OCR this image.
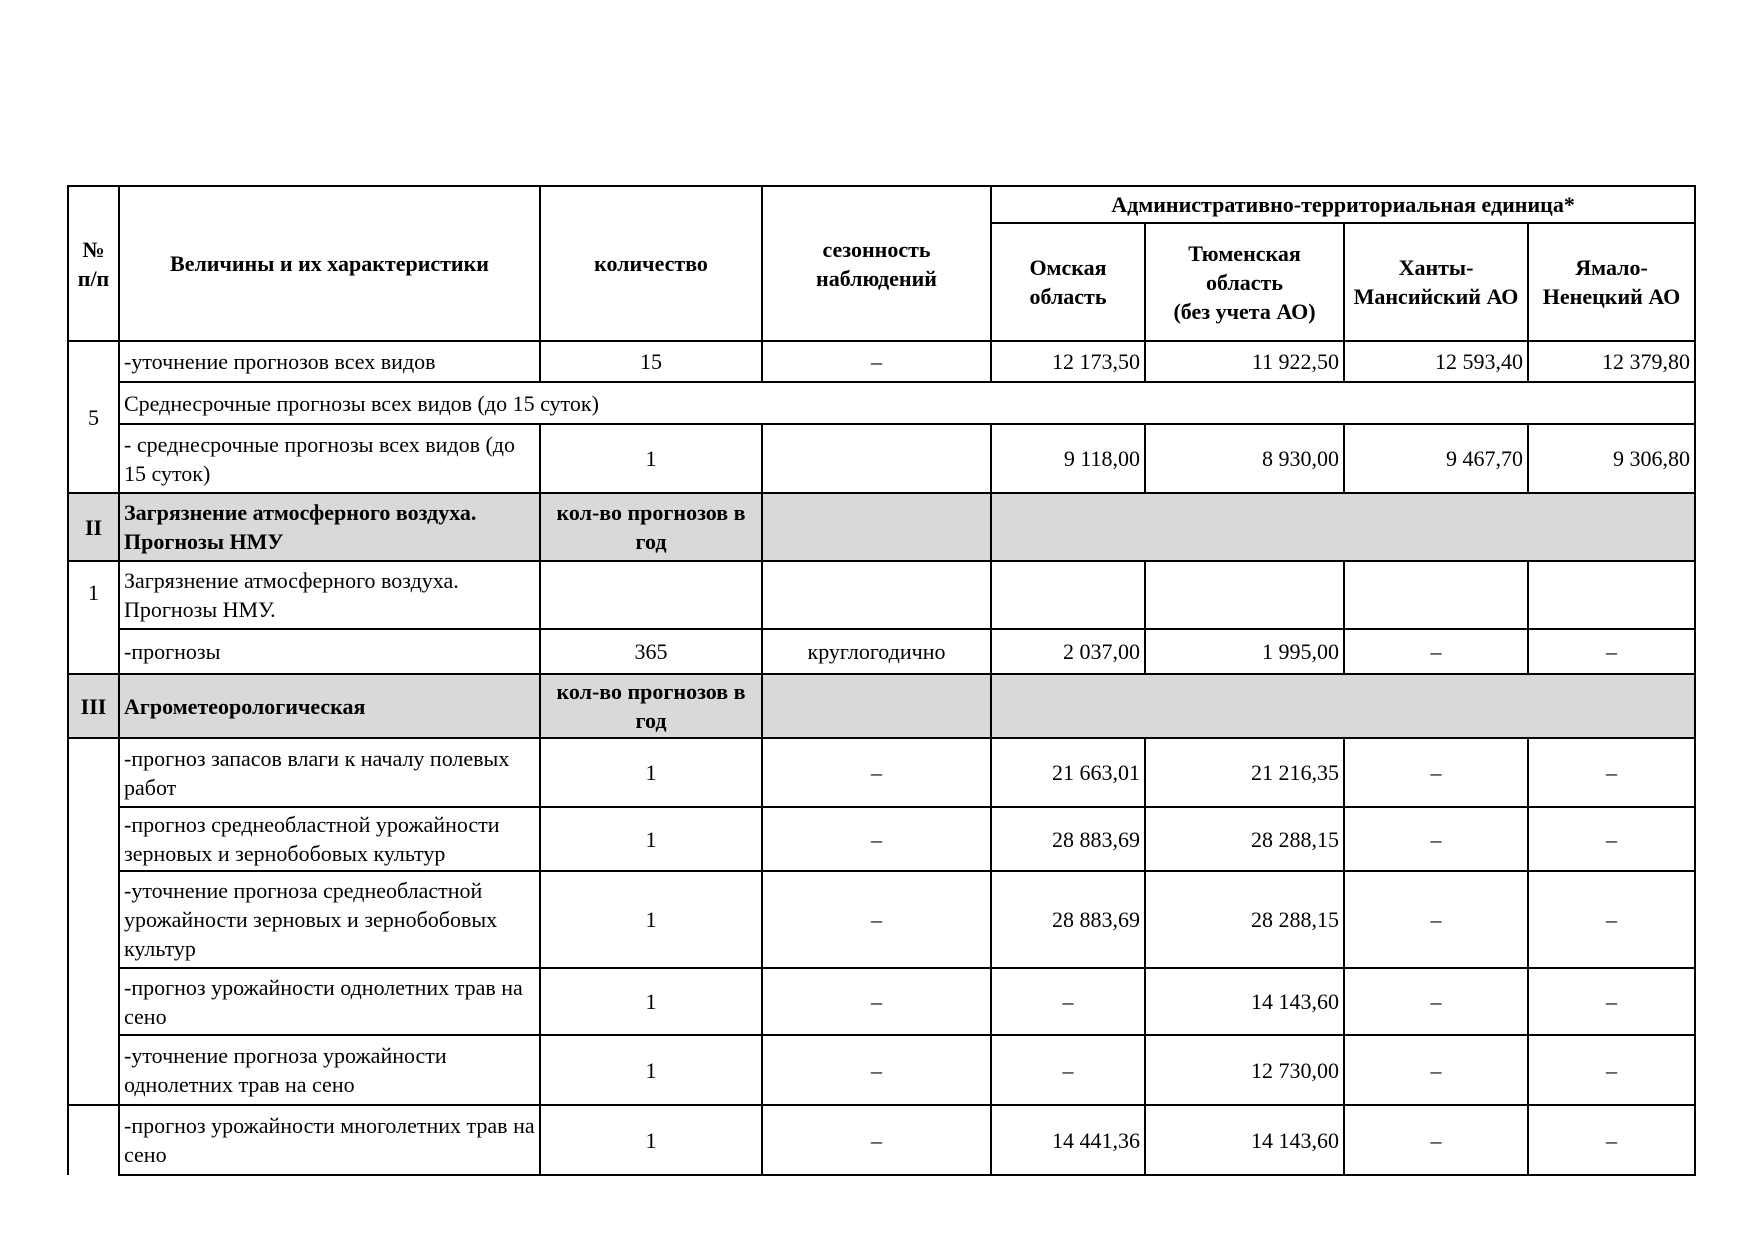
№ п/п	Величины и их характеристики	количество	сезонность наблюдений	Административно-территориальная единица*			
				Омская область	Тюменская
область
(без учета АО)	Ханты-Мансийский АО	Ямало-Ненецкий АО
5	-уточнение прогнозов всех видов	15	–	12 173,50	11 922,50	12 593,40	12 379,80
	Среднесрочные прогнозы всех видов (до 15 суток)						
	- среднесрочные прогнозы всех видов (до 15 суток)	1		9 118,00	8 930,00	9 467,70	9 306,80
II	Загрязнение атмосферного воздуха. Прогнозы НМУ	кол-во прогнозов в год					
1	Загрязнение атмосферного воздуха. Прогнозы НМУ.						
	-прогнозы	365	круглогодично	2 037,00	1 995,00	–	–
III	Агрометеорологическая	кол-во прогнозов в год					
	-прогноз запасов влаги к началу полевых работ	1	–	21 663,01	21 216,35	–	–
	-прогноз среднеобластной урожайности зерновых и зернобобовых культур	1	–	28 883,69	28 288,15	–	–
	-уточнение прогноза среднеобластной урожайности зерновых и зернобобовых культур	1	–	28 883,69	28 288,15	–	–
	-прогноз урожайности однолетних трав на сено	1	–	–	14 143,60	–	–
	-уточнение прогноза урожайности однолетних трав на сено	1	–	–	12 730,00	–	–
	-прогноз урожайности многолетних трав на сено	1	–	14 441,36	14 143,60	–	–
